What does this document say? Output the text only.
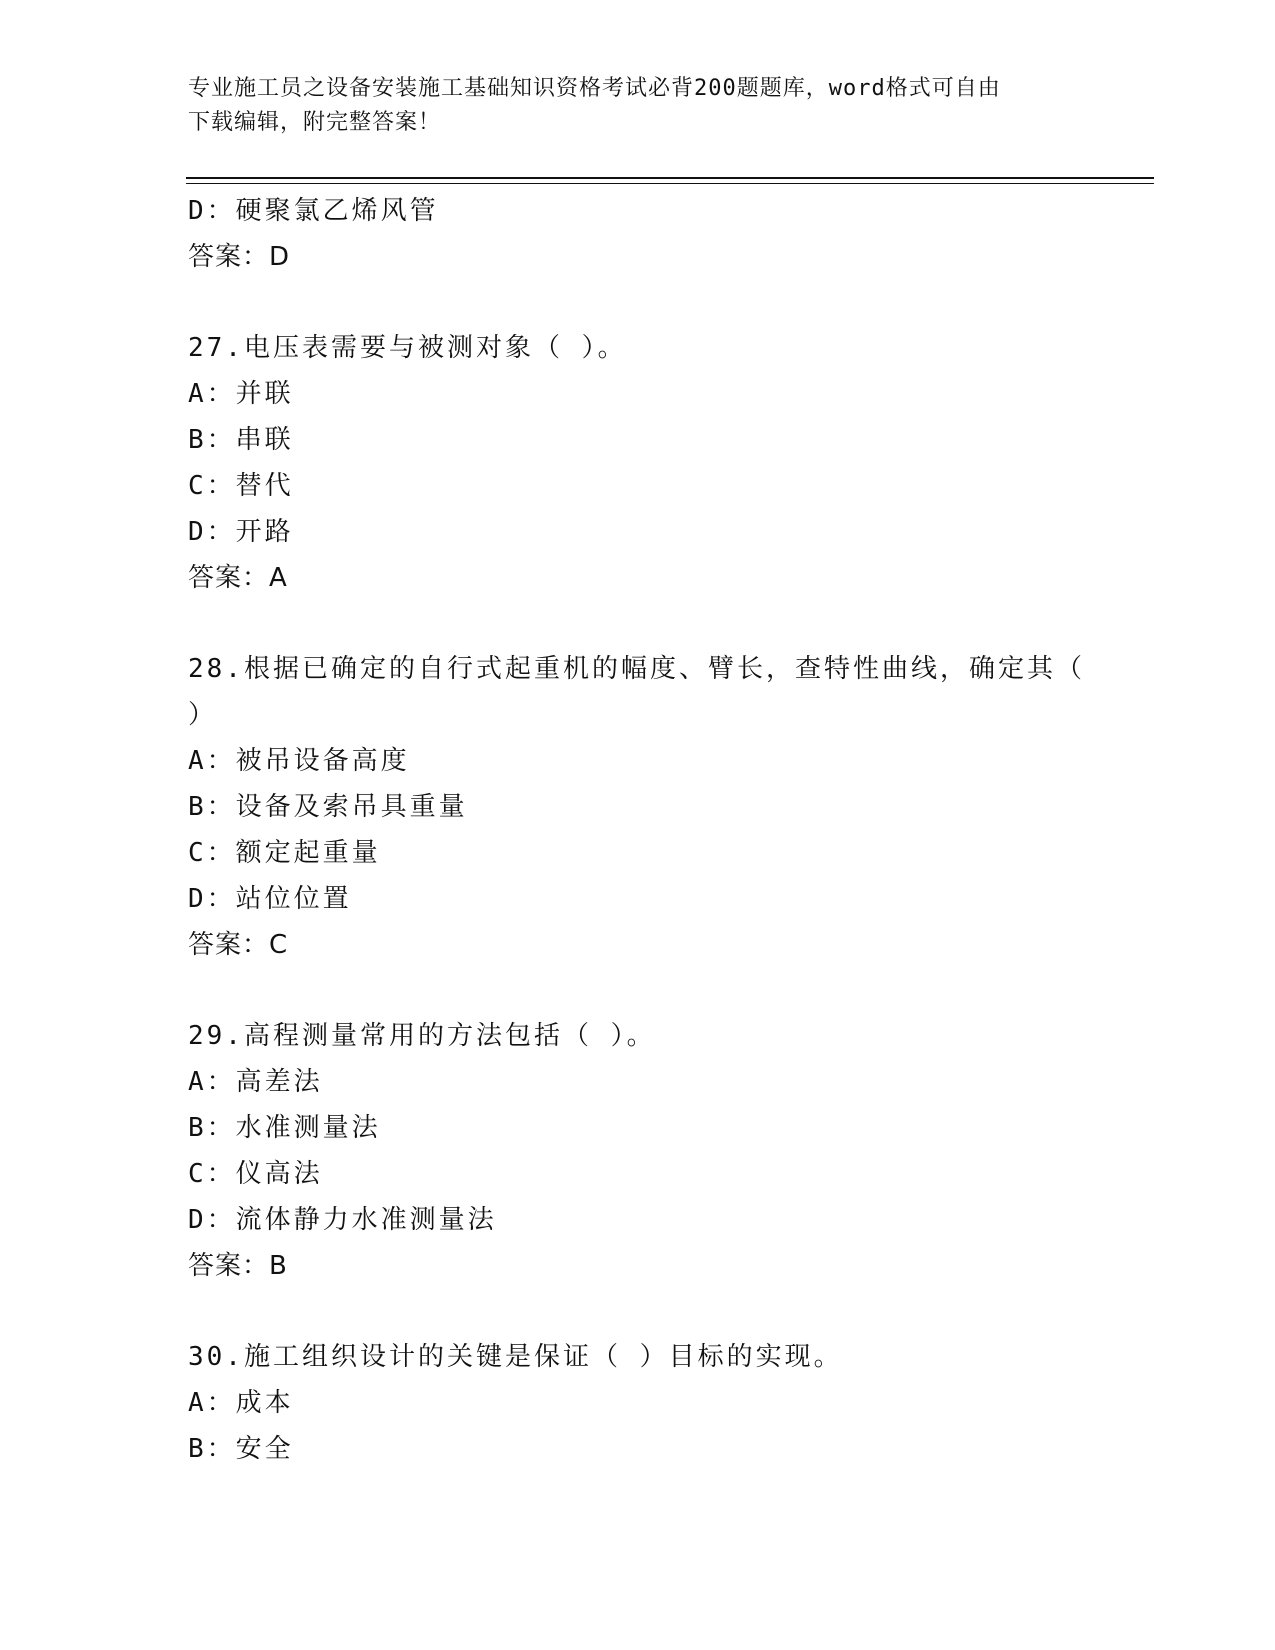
专业施工员之设备安装施工基础知识资格考试必背200题题库，word格式可自由
下载编辑，附完整答案！
D：硬聚氯乙烯风管
答案：D
27.电压表需要与被测对象（ ）。
A：并联
B：串联
C：替代
D：开路
答案：A
28.根据已确定的自行式起重机的幅度、臂长，查特性曲线，确定其（
）
A：被吊设备高度
B：设备及索吊具重量
C：额定起重量
D：站位位置
答案：C
29.高程测量常用的方法包括（ ）。
A：高差法
B：水准测量法
C：仪高法
D：流体静力水准测量法
答案：B
30.施工组织设计的关键是保证（ ）目标的实现。
A：成本
B：安全
